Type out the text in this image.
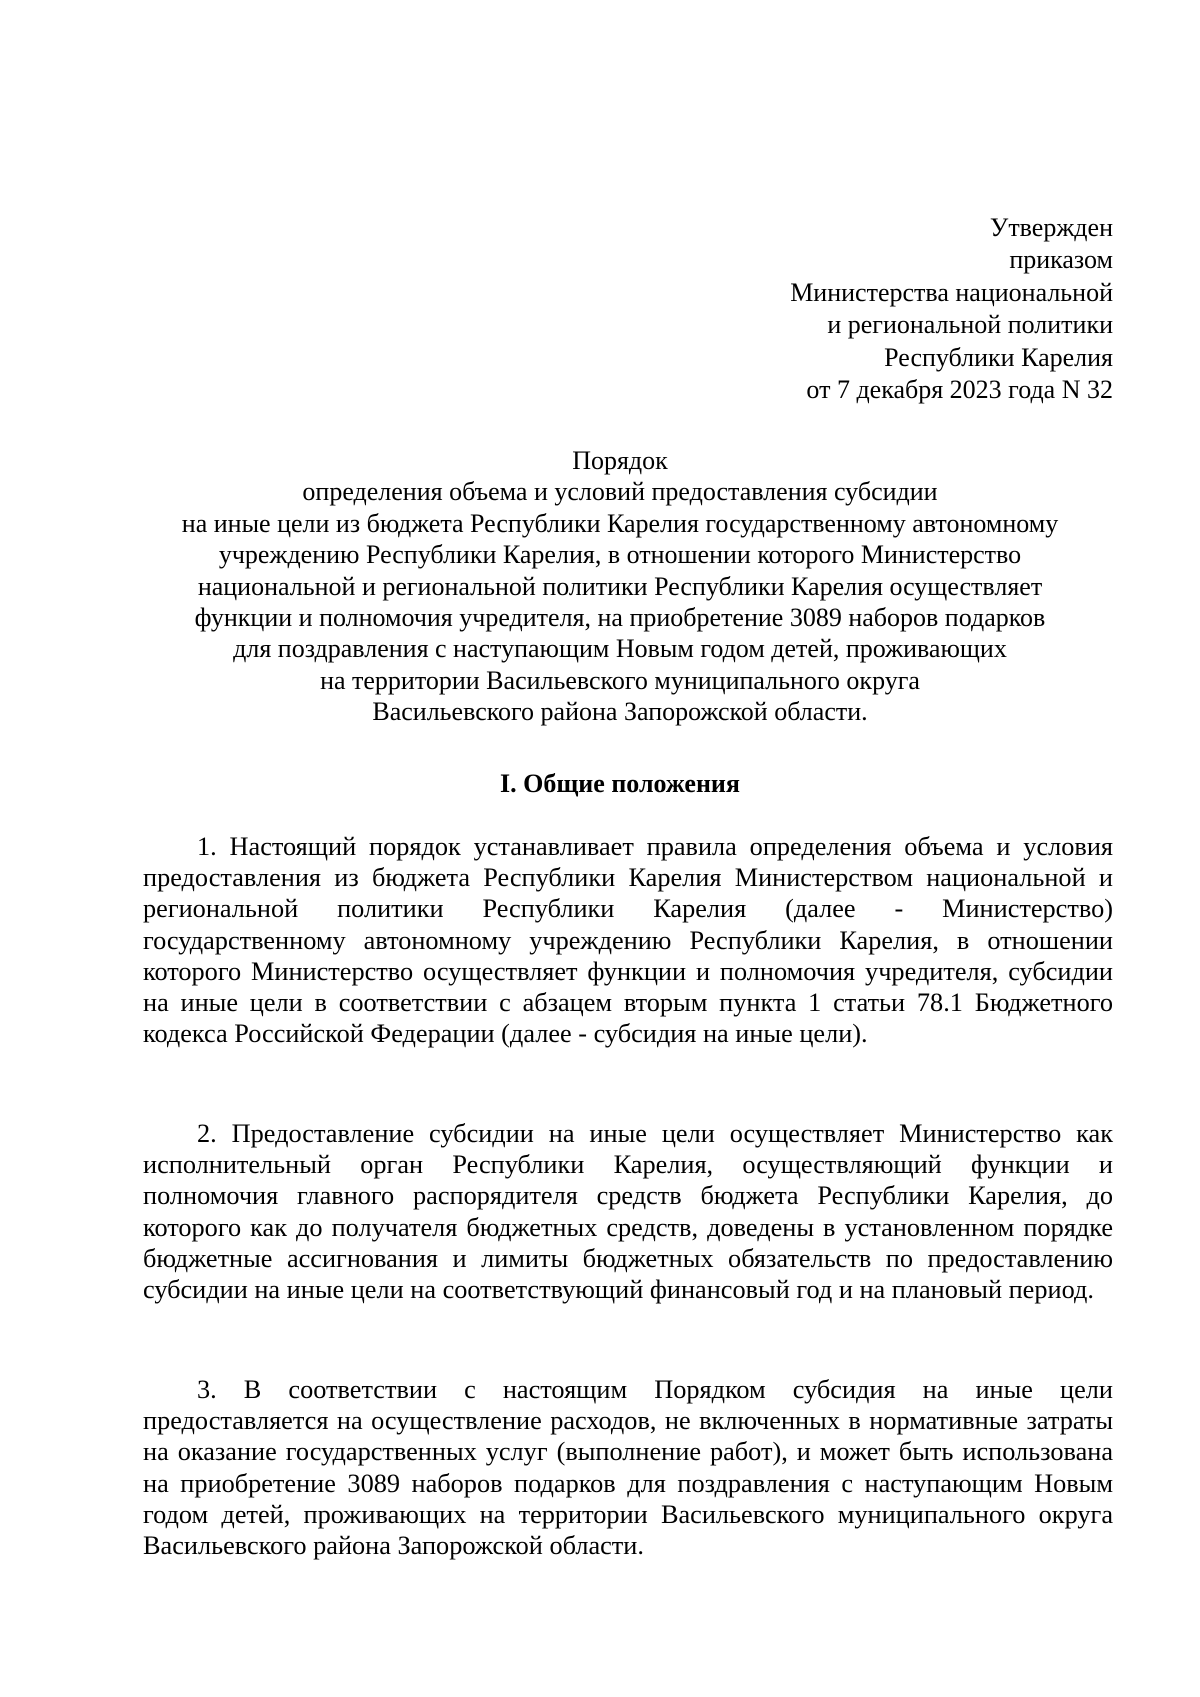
Утвержден
приказом
Министерства национальной
и региональной политики
Республики Карелия
от 7 декабря 2023 года N 32
Порядок
определения объема и условий предоставления субсидии
на иные цели из бюджета Республики Карелия государственному автономному
учреждению Республики Карелия, в отношении которого Министерство
национальной и региональной политики Республики Карелия осуществляет
функции и полномочия учредителя, на приобретение 3089 наборов подарков
для поздравления с наступающим Новым годом детей, проживающих
на территории Васильевского муниципального округа
Васильевского района Запорожской области.
I. Общие положения

1. Настоящий порядок устанавливает правила определения объема и условия предоставления из бюджета Республики Карелия Министерством национальной и региональной политики Республики Карелия (далее - Министерство) государственному автономному учреждению Республики Карелия, в отношении которого Министерство осуществляет функции и полномочия учредителя, субсидии на иные цели в соответствии с абзацем вторым пункта 1 статьи 78.1 Бюджетного кодекса Российской Федерации (далее - субсидия на иные цели).

2. Предоставление субсидии на иные цели осуществляет Министерство как исполнительный орган Республики Карелия, осуществляющий функции и полномочия главного распорядителя средств бюджета Республики Карелия, до которого как до получателя бюджетных средств, доведены в установленном порядке бюджетные ассигнования и лимиты бюджетных обязательств по предоставлению субсидии на иные цели на соответствующий финансовый год и на плановый период.

3. В соответствии с настоящим Порядком субсидия на иные цели предоставляется на осуществление расходов, не включенных в нормативные затраты на оказание государственных услуг (выполнение работ), и может быть использована на приобретение 3089 наборов подарков для поздравления с наступающим Новым годом детей, проживающих на территории Васильевского муниципального округа Васильевского района Запорожской области.
